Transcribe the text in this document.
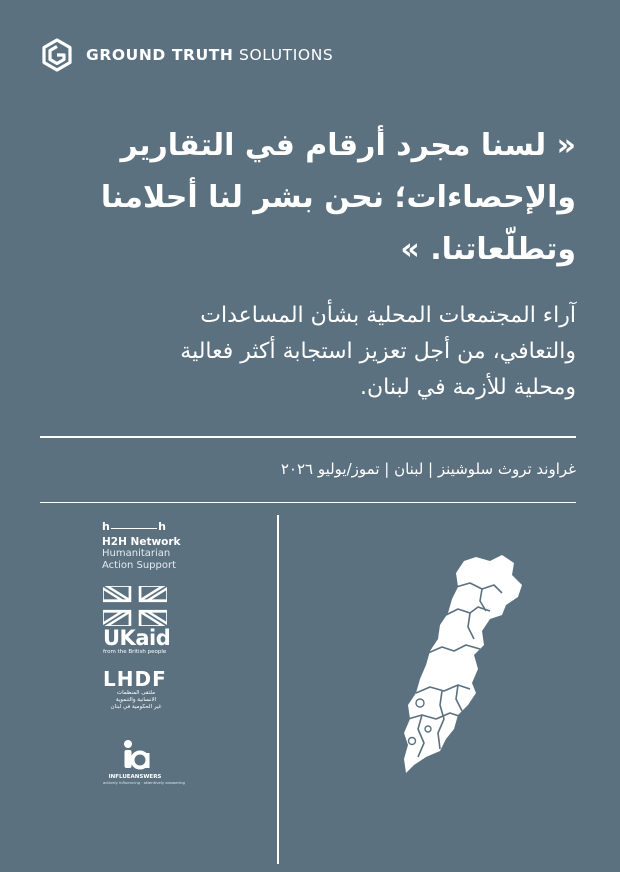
GROUND TRUTH SOLUTIONS
« لسنا مجرد أرقام في التقارير
والإحصاءات؛ نحن بشر لنا أحلامنا
وتطلّعاتنا. »
آراء المجتمعات المحلية بشأن المساعدات
والتعافي، من أجل تعزيز استجابة أكثر فعالية
ومحلية للأزمة في لبنان.
غراوند تروث سلوشينز | لبنان | تموز/يوليو ٢٠٢٦
h	h
H2H Network
Humanitarian
Action Support
UKaid
from the British people
LHDF
ملتقى المنظمات
الانسانية والتنموية
غير الحكومية في لبنان
INFLUEANSWERS
actively influencing · attentively answering
